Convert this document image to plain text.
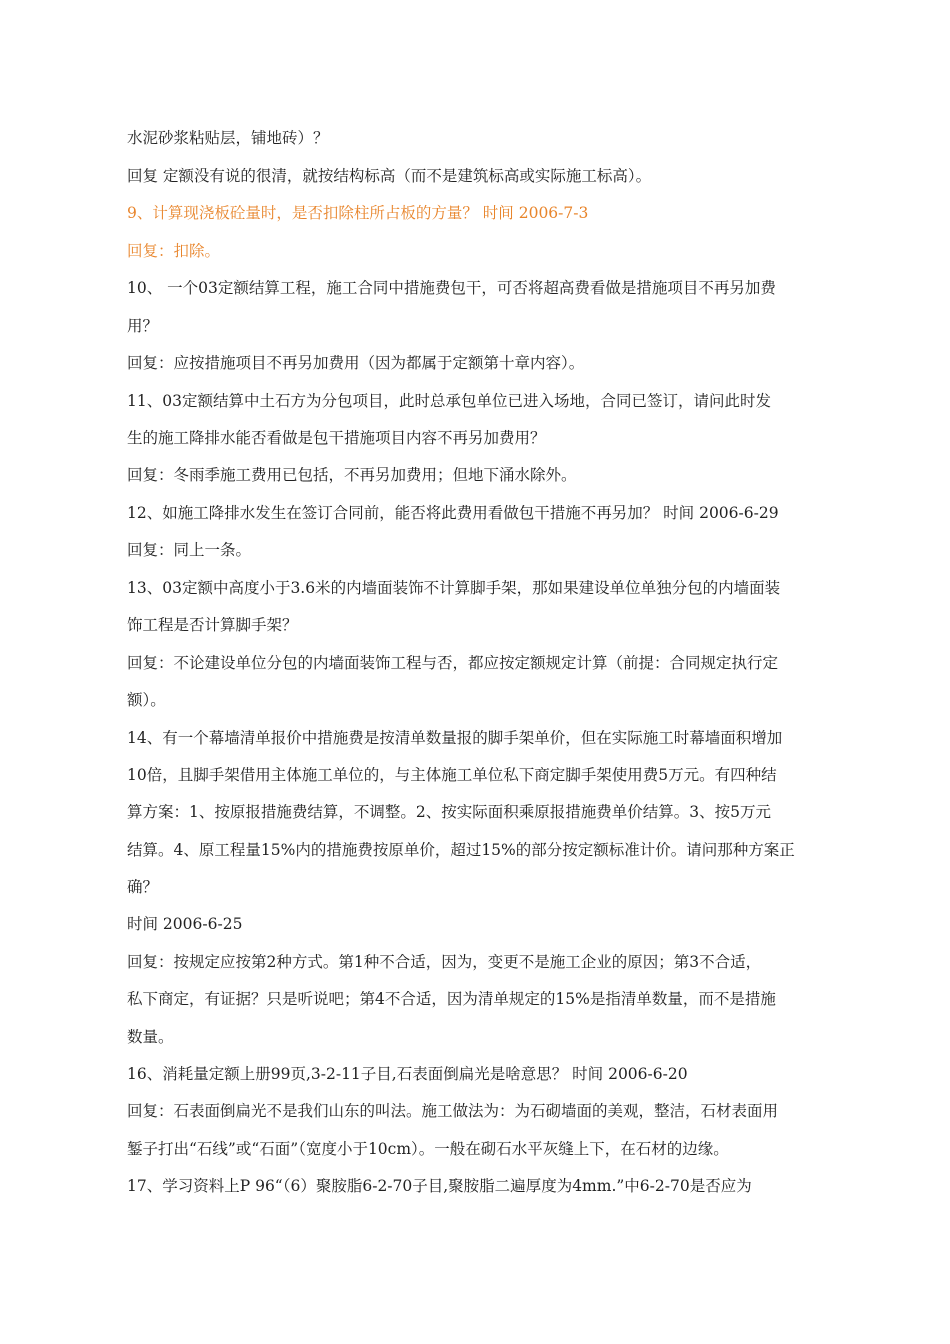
水泥砂浆粘贴层，铺地砖）？
回复 定额没有说的很清，就按结构标高（而不是建筑标高或实际施工标高）。
9、计算现浇板砼量时，是否扣除柱所占板的方量？ 时间 2006-7-3
回复：扣除。
10、 一个03定额结算工程，施工合同中措施费包干，可否将超高费看做是措施项目不再另加费
用？
回复：应按措施项目不再另加费用（因为都属于定额第十章内容）。
11、03定额结算中土石方为分包项目，此时总承包单位已进入场地，合同已签订，请问此时发
生的施工降排水能否看做是包干措施项目内容不再另加费用？
回复：冬雨季施工费用已包括，不再另加费用；但地下涌水除外。
12、如施工降排水发生在签订合同前，能否将此费用看做包干措施不再另加？ 时间 2006-6-29
回复：同上一条。
13、03定额中高度小于3.6米的内墙面装饰不计算脚手架，那如果建设单位单独分包的内墙面装
饰工程是否计算脚手架？
回复：不论建设单位分包的内墙面装饰工程与否，都应按定额规定计算（前提：合同规定执行定
额）。
14、有一个幕墙清单报价中措施费是按清单数量报的脚手架单价，但在实际施工时幕墙面积增加
10倍，且脚手架借用主体施工单位的，与主体施工单位私下商定脚手架使用费5万元。有四种结
算方案：1、按原报措施费结算，不调整。2、按实际面积乘原报措施费单价结算。3、按5万元
结算。4、原工程量15%内的措施费按原单价，超过15%的部分按定额标准计价。请问那种方案正
确？
时间 2006-6-25
回复：按规定应按第2种方式。第1种不合适，因为，变更不是施工企业的原因；第3不合适，
私下商定，有证据？只是听说吧；第4不合适，因为清单规定的15%是指清单数量，而不是措施
数量。
16、消耗量定额上册99页,3-2-11子目,石表面倒扁光是啥意思？ 时间 2006-6-20
回复：石表面倒扁光不是我们山东的叫法。施工做法为：为石砌墙面的美观，整洁，石材表面用
錾子打出“石线”或“石面”（宽度小于10cm）。一般在砌石水平灰缝上下，在石材的边缘。
17、学习资料上P 96“（6）聚胺脂6-2-70子目,聚胺脂二遍厚度为4mm.”中6-2-70是否应为
